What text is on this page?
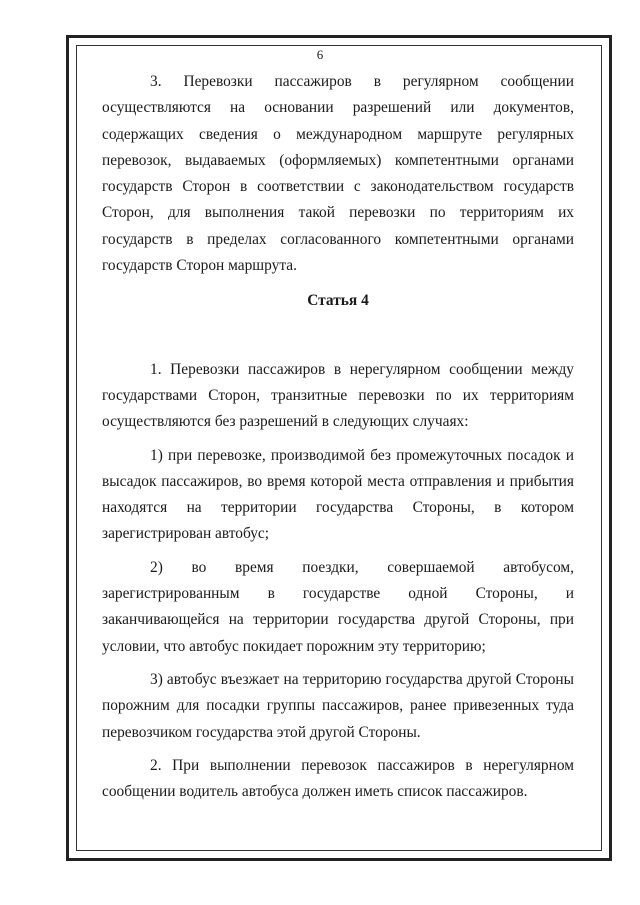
6

3. Перевозки пассажиров в регулярном сообщении осуществляются на основании разрешений или документов, содержащих сведения о международном маршруте регулярных перевозок, выдаваемых (оформляемых) компетентными органами государств Сторон в соответствии с законодательством государств Сторон, для выполнения такой перевозки по территориям их государств в пределах согласованного компетентными органами государств Сторон маршрута.

Статья 4

1. Перевозки пассажиров в нерегулярном сообщении между государствами Сторон, транзитные перевозки по их территориям осуществляются без разрешений в следующих случаях:

1) при перевозке, производимой без промежуточных посадок и высадок пассажиров, во время которой места отправления и прибытия находятся на территории государства Стороны, в котором зарегистрирован автобус;

2) во время поездки, совершаемой автобусом, зарегистрированным в государстве одной Стороны, и заканчивающейся на территории государства другой Стороны, при условии, что автобус покидает порожним эту территорию;

3) автобус въезжает на территорию государства другой Стороны порожним для посадки группы пассажиров, ранее привезенных туда перевозчиком государства этой другой Стороны.

2. При выполнении перевозок пассажиров в нерегулярном сообщении водитель автобуса должен иметь список пассажиров.
